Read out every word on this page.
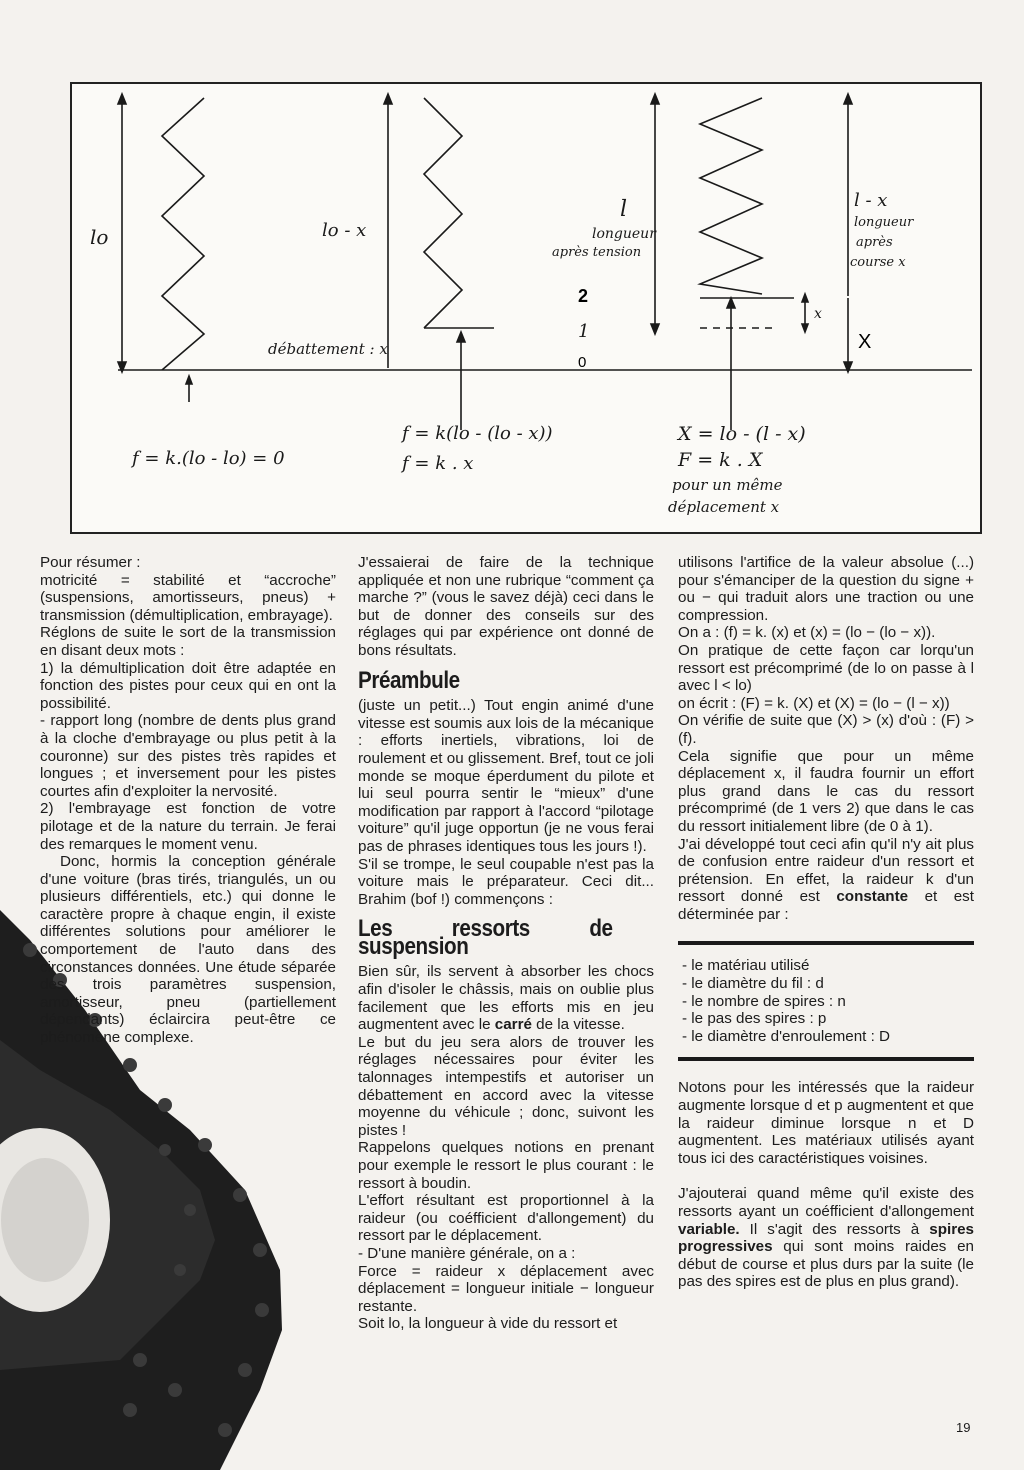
lo
f = k.(lo - lo) = 0
lo - x
débattement : x
f = k(lo - (lo - x))
f = k . x
l
longueur
après tension
2
1
0
l - x
longueur
après
course x
x
X
X = lo - (l - x)
F = k . X
pour un même
déplacement x

Pour résumer :

motricité = stabilité et “accroche” (suspensions, amortisseurs, pneus) + transmission (démultiplication, embrayage).

Réglons de suite le sort de la transmission en disant deux mots :

1) la démultiplication doit être adaptée en fonction des pistes pour ceux qui en ont la possibilité.

- rapport long (nombre de dents plus grand à la cloche d'embrayage ou plus petit à la couronne) sur des pistes très rapides et longues ; et inversement pour les pistes courtes afin d'exploiter la nervosité.

2) l'embrayage est fonction de votre pilotage et de la nature du terrain. Je ferai des remarques le moment venu.

Donc, hormis la conception générale d'une voiture (bras tirés, triangulés, un ou plusieurs différentiels, etc.) qui donne le caractère propre à chaque engin, il existe différentes solutions pour améliorer le comportement de l'auto dans des circonstances données. Une étude séparée des trois paramètres suspension, amortisseur, pneu (partiellement dépendants) éclaircira peut-être ce phénomène complexe.

J'essaierai de faire de la technique appliquée et non une rubrique “comment ça marche ?” (vous le savez déjà) ceci dans le but de donner des conseils sur des réglages qui par expérience ont donné de bons résultats.

Préambule

(juste un petit...) Tout engin animé d'une vitesse est soumis aux lois de la mécanique : efforts inertiels, vibrations, loi de roulement et ou glissement. Bref, tout ce joli monde se moque éperdument du pilote et lui seul pourra sentir le “mieux” d'une modification par rapport à l'accord “pilotage voiture” qu'il juge opportun (je ne vous ferai pas de phrases identiques tous les jours !).

S'il se trompe, le seul coupable n'est pas la voiture mais le préparateur. Ceci dit... Brahim (bof !) commençons :

Les ressorts de suspension

Bien sûr, ils servent à absorber les chocs afin d'isoler le châssis, mais on oublie plus facilement que les efforts mis en jeu augmentent avec le carré de la vitesse.

Le but du jeu sera alors de trouver les réglages nécessaires pour éviter les talonnages intempestifs et autoriser un débattement en accord avec la vitesse moyenne du véhicule ; donc, suivont les pistes !

Rappelons quelques notions en prenant pour exemple le ressort le plus courant : le ressort à boudin.

L'effort résultant est proportionnel à la raideur (ou coéfficient d'allongement) du ressort par le déplacement.

- D'une manière générale, on a :

Force = raideur x déplacement avec déplacement = longueur initiale − longueur restante.

Soit lo, la longueur à vide du ressort et

utilisons l'artifice de la valeur absolue (...) pour s'émanciper de la question du signe + ou − qui traduit alors une traction ou une compression.

On a : (f) = k. (x) et (x) = (lo − (lo − x)).

On pratique de cette façon car lorqu'un ressort est précomprimé (de lo on passe à l avec l < lo)

on écrit : (F) = k. (X) et (X) = (lo − (l − x))

On vérifie de suite que (X) > (x) d'où : (F) > (f).

Cela signifie que pour un même déplacement x, il faudra fournir un effort plus grand dans le cas du ressort précomprimé (de 1 vers 2) que dans le cas du ressort initialement libre (de 0 à 1).

J'ai développé tout ceci afin qu'il n'y ait plus de confusion entre raideur d'un ressort et prétension. En effet, la raideur k d'un ressort donné est constante et est déterminée par :

- le matériau utilisé
- le diamètre du fil : d
- le nombre de spires : n
- le pas des spires : p
- le diamètre d'enroulement : D

Notons pour les intéressés que la raideur augmente lorsque d et p augmentent et que la raideur diminue lorsque n et D augmentent. Les matériaux utilisés ayant tous ici des caractéristiques voisines.

J'ajouterai quand même qu'il existe des ressorts ayant un coéfficient d'allongement variable. Il s'agit des ressorts à spires progressives qui sont moins raides en début de course et plus durs par la suite (le pas des spires est de plus en plus grand).

19
